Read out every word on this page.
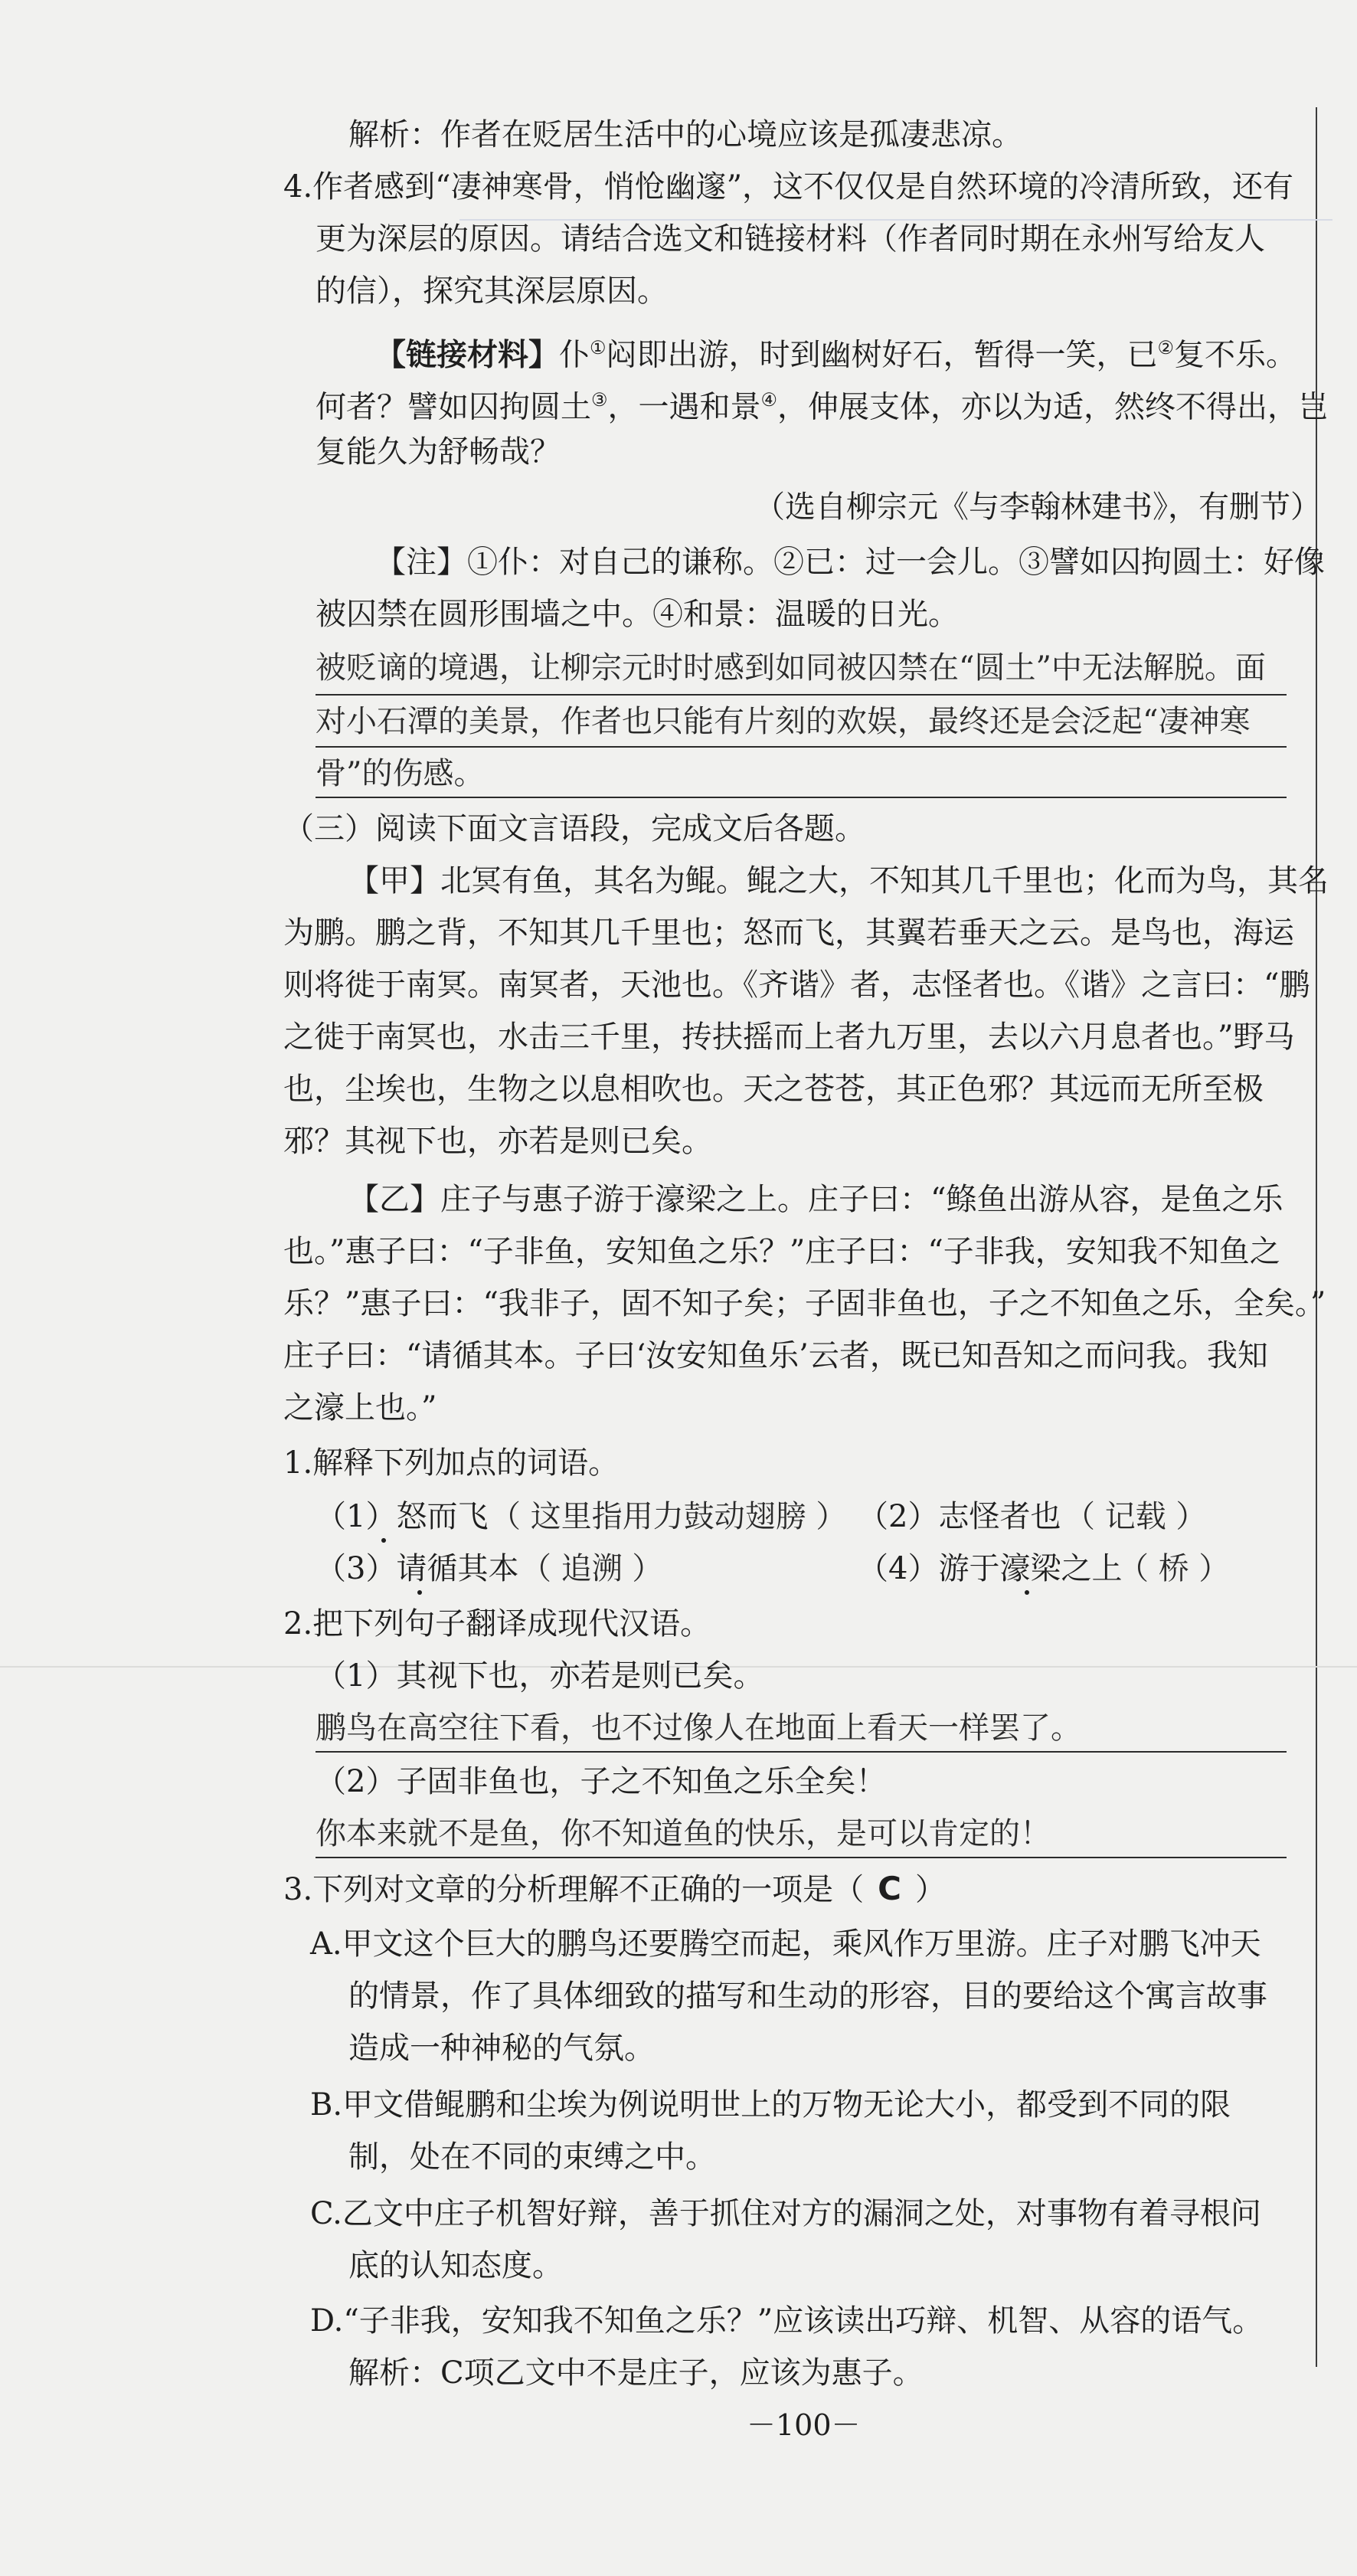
解析：作者在贬居生活中的心境应该是孤凄悲凉。
4.作者感到“凄神寒骨，悄怆幽邃”，这不仅仅是自然环境的冷清所致，还有
更为深层的原因。请结合选文和链接材料（作者同时期在永州写给友人
的信），探究其深层原因。
【链接材料】仆①闷即出游，时到幽树好石，暂得一笑，已②复不乐。
何者？譬如囚拘圆土③，一遇和景④，伸展支体，亦以为适，然终不得出，岂
复能久为舒畅哉？
（选自柳宗元《与李翰林建书》，有删节）
【注】①仆：对自己的谦称。②已：过一会儿。③譬如囚拘圆土：好像
被囚禁在圆形围墙之中。④和景：温暖的日光。
被贬谪的境遇，让柳宗元时时感到如同被囚禁在“圆土”中无法解脱。面
对小石潭的美景，作者也只能有片刻的欢娱，最终还是会泛起“凄神寒
骨”的伤感。
（三）阅读下面文言语段，完成文后各题。
【甲】北冥有鱼，其名为鲲。鲲之大，不知其几千里也；化而为鸟，其名
为鹏。鹏之背，不知其几千里也；怒而飞，其翼若垂天之云。是鸟也，海运
则将徙于南冥。南冥者，天池也。《齐谐》者，志怪者也。《谐》之言曰：“鹏
之徙于南冥也，水击三千里，抟扶摇而上者九万里，去以六月息者也。”野马
也，尘埃也，生物之以息相吹也。天之苍苍，其正色邪？其远而无所至极
邪？其视下也，亦若是则已矣。
【乙】庄子与惠子游于濠梁之上。庄子曰：“鲦鱼出游从容，是鱼之乐
也。”惠子曰：“子非鱼，安知鱼之乐？”庄子曰：“子非我，安知我不知鱼之
乐？”惠子曰：“我非子，固不知子矣；子固非鱼也，子之不知鱼之乐，全矣。”
庄子曰：“请循其本。子曰‘汝安知鱼乐’云者，既已知吾知之而问我。我知
之濠上也。”
1.解释下列加点的词语。
（1）怒而飞 （ 这里指用力鼓动翅膀 ） （2）志怪者也 （ 记载 ）
（3）请循其本 （ 追溯 ）	（4）游于濠梁之上
（ 桥 ）
2.把下列句子翻译成现代汉语。
（1）其视下也，亦若是则已矣。
鹏鸟在高空往下看，也不过像人在地面上看天一样罢了。
（2）子固非鱼也，子之不知鱼之乐全矣！
你本来就不是鱼，你不知道鱼的快乐，是可以肯定的！
3.下列对文章的分析理解不正确的一项是（ C ）
A.甲文这个巨大的鹏鸟还要腾空而起，乘风作万里游。庄子对鹏飞冲天
的情景，作了具体细致的描写和生动的形容，目的要给这个寓言故事
造成一种神秘的气氛。
B.甲文借鲲鹏和尘埃为例说明世上的万物无论大小，都受到不同的限
制，处在不同的束缚之中。
C.乙文中庄子机智好辩，善于抓住对方的漏洞之处，对事物有着寻根问
底的认知态度。
D.“子非我，安知我不知鱼之乐？”应该读出巧辩、机智、从容的语气。
解析：C项乙文中不是庄子，应该为惠子。
－100－
